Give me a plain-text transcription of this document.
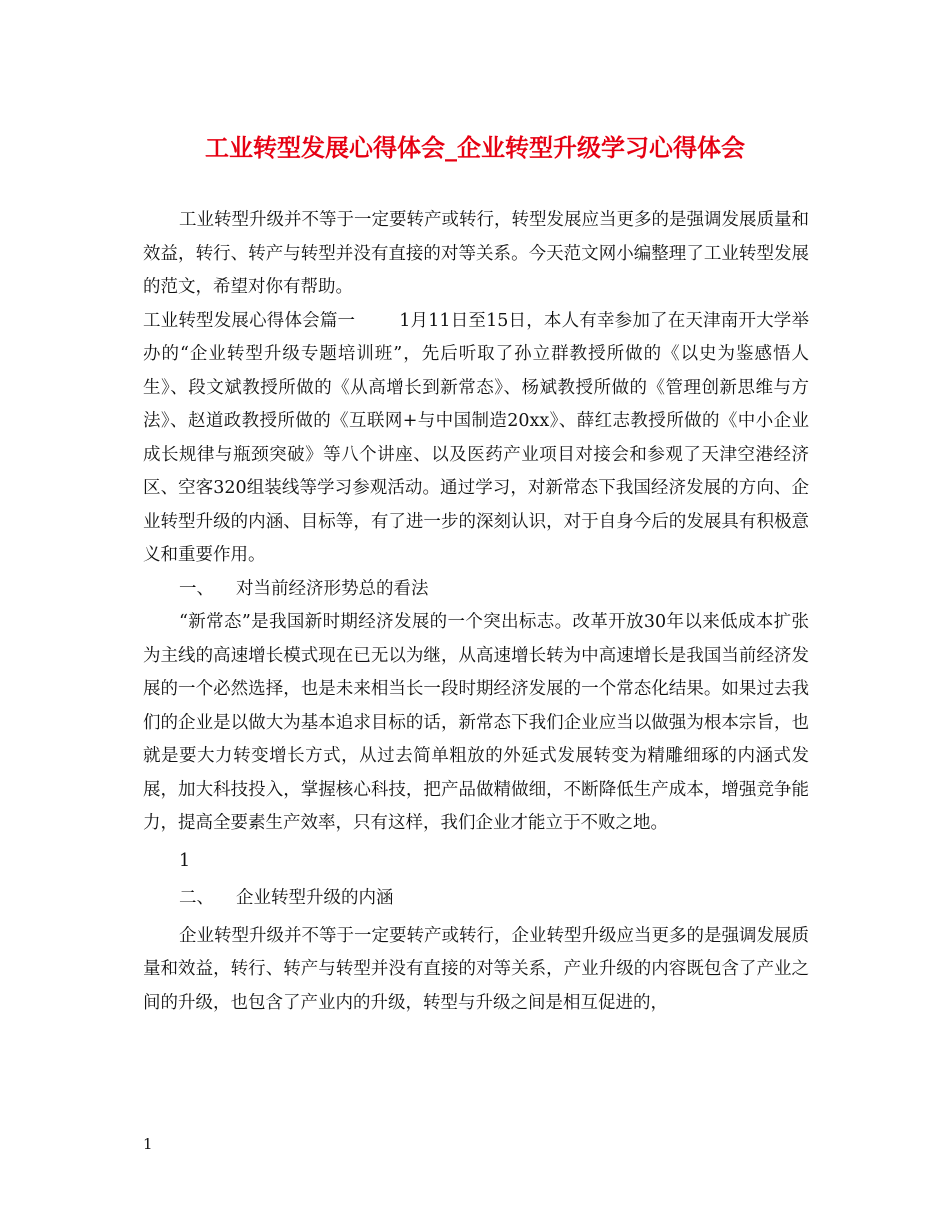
工业转型发展心得体会_企业转型升级学习心得体会

工业转型升级并不等于一定要转产或转行，转型发展应当更多的是强调发展质量和效益，转行、转产与转型并没有直接的对等关系。今天范文网小编整理了工业转型发展的范文，希望对你有帮助。

工业转型发展心得体会篇一	1月11日至15日，本人有幸参加了在天津南开大学举办的“企业转型升级专题培训班”，先后听取了孙立群教授所做的《以史为鉴感悟人生》、段文斌教授所做的《从高增长到新常态》、杨斌教授所做的《管理创新思维与方法》、赵道政教授所做的《互联网+与中国制造20xx》、薛红志教授所做的《中小企业成长规律与瓶颈突破》等八个讲座、以及医药产业项目对接会和参观了天津空港经济区、空客320组装线等学习参观活动。通过学习，对新常态下我国经济发展的方向、企业转型升级的内涵、目标等，有了进一步的深刻认识，对于自身今后的发展具有积极意义和重要作用。

一、 对当前经济形势总的看法

“新常态”是我国新时期经济发展的一个突出标志。改革开放30年以来低成本扩张为主线的高速增长模式现在已无以为继，从高速增长转为中高速增长是我国当前经济发展的一个必然选择，也是未来相当长一段时期经济发展的一个常态化结果。如果过去我们的企业是以做大为基本追求目标的话，新常态下我们企业应当以做强为根本宗旨，也就是要大力转变增长方式，从过去简单粗放的外延式发展转变为精雕细琢的内涵式发展，加大科技投入，掌握核心科技，把产品做精做细，不断降低生产成本，增强竞争能力，提高全要素生产效率，只有这样，我们企业才能立于不败之地。

1

二、 企业转型升级的内涵

企业转型升级并不等于一定要转产或转行，企业转型升级应当更多的是强调发展质量和效益，转行、转产与转型并没有直接的对等关系，产业升级的内容既包含了产业之间的升级，也包含了产业内的升级，转型与升级之间是相互促进的，

1
